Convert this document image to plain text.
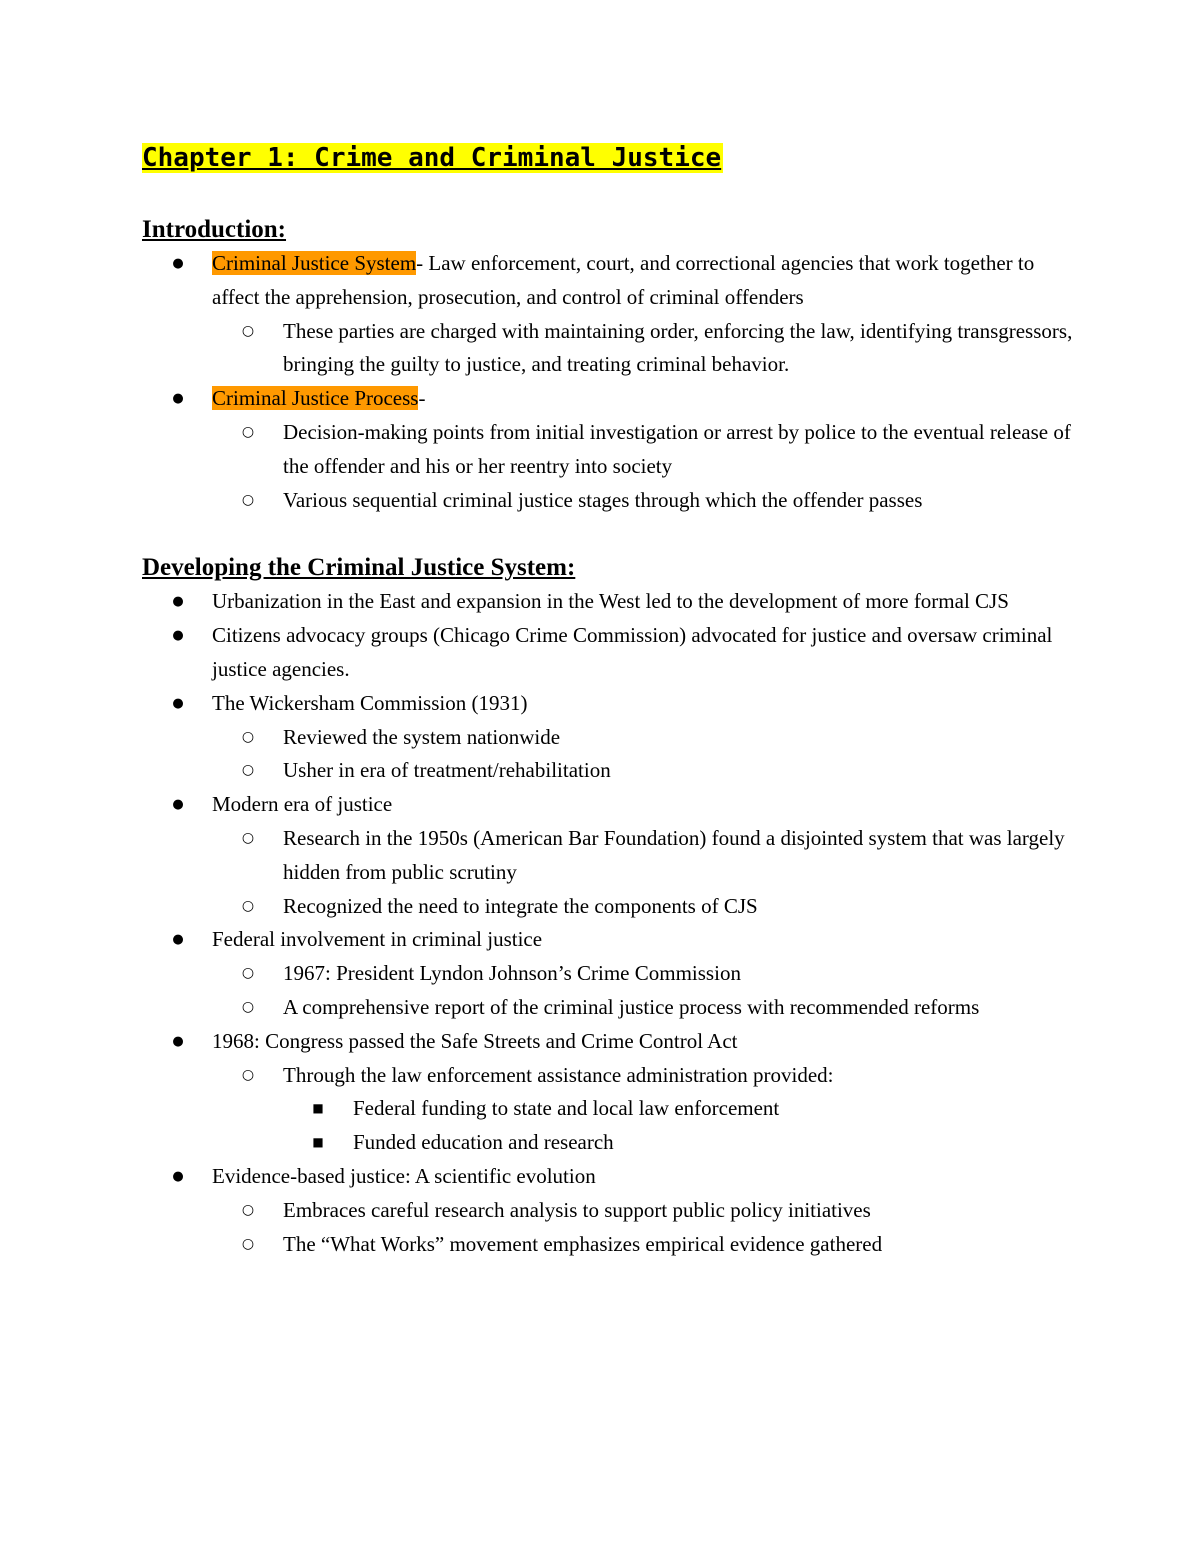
Chapter 1: Crime and Criminal Justice
Introduction:
●	Criminal Justice System- Law enforcement, court, and correctional agencies that work together to affect the apprehension, prosecution, and control of criminal offenders
○ These parties are charged with maintaining order, enforcing the law, identifying transgressors, bringing the guilty to justice, and treating criminal behavior.
●	Criminal Justice Process-
○ Decision-making points from initial investigation or arrest by police to the eventual release of the offender and his or her reentry into society
○ Various sequential criminal justice stages through which the offender passes
Developing the Criminal Justice System:
●	Urbanization in the East and expansion in the West led to the development of more formal CJS
●	Citizens advocacy groups (Chicago Crime Commission) advocated for justice and oversaw criminal justice agencies.
●	The Wickersham Commission (1931)
○ Reviewed the system nationwide
○ Usher in era of treatment/rehabilitation
●	Modern era of justice
○ Research in the 1950s (American Bar Foundation) found a disjointed system that was largely hidden from public scrutiny
○ Recognized the need to integrate the components of CJS
●	Federal involvement in criminal justice
○ 1967: President Lyndon Johnson’s Crime Commission
○ A comprehensive report of the criminal justice process with recommended reforms
●	1968: Congress passed the Safe Streets and Crime Control Act
○ Through the law enforcement assistance administration provided:
■	Federal funding to state and local law enforcement
■	Funded education and research
●	Evidence-based justice: A scientific evolution
○ Embraces careful research analysis to support public policy initiatives
○ The “What Works” movement emphasizes empirical evidence gathered
